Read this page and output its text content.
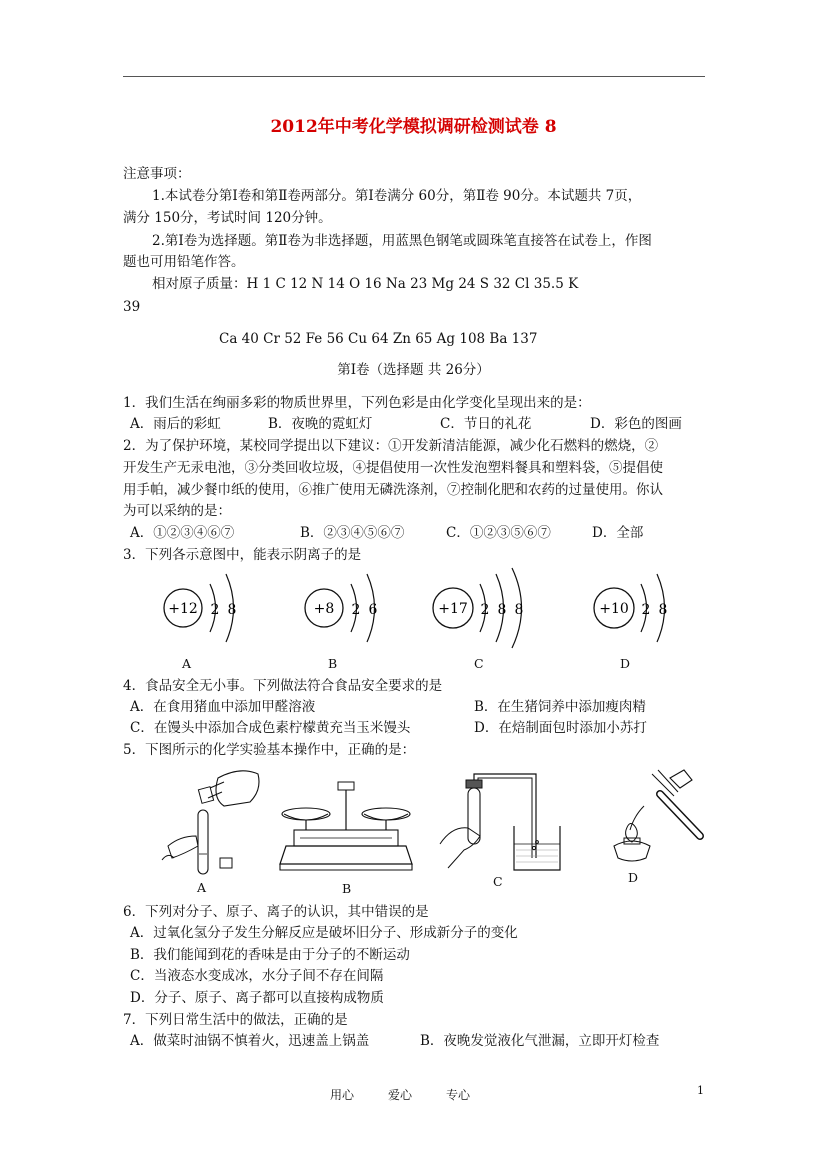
2012年中考化学模拟调研检测试卷 8
注意事项：
1.本试卷分第Ⅰ卷和第Ⅱ卷两部分。第Ⅰ卷满分 60分，第Ⅱ卷 90分。本试题共 7页，
满分 150分，考试时间 120分钟。
2.第Ⅰ卷为选择题。第Ⅱ卷为非选择题，用蓝黑色钢笔或圆珠笔直接答在试卷上，作图
题也可用铅笔作答。
相对原子质量：H 1 C 12 N 14 O 16 Na 23 Mg 24 S 32 Cl 35.5 K
39
Ca 40 Cr 52 Fe 56 Cu 64 Zn 65 Ag 108 Ba 137
第Ⅰ卷（选择题 共 26分）
1．我们生活在绚丽多彩的物质世界里，下列色彩是由化学变化呈现出来的是：
A．雨后的彩虹	B．夜晚的霓虹灯	C．节日的礼花	D．彩色的图画
2．为了保护环境，某校同学提出以下建议：①开发新清洁能源，减少化石燃料的燃烧，②
开发生产无汞电池，③分类回收垃圾，④提倡使用一次性发泡塑料餐具和塑料袋，⑤提倡使
用手帕，减少餐巾纸的使用，⑥推广使用无磷洗涤剂，⑦控制化肥和农药的过量使用。你认
为可以采纳的是：
A．①②③④⑥⑦	B．②③④⑤⑥⑦	C．①②③⑤⑥⑦	D．全部
3．下列各示意图中，能表示阴离子的是
+12 2 8
A
+8 2 6
B
+17 2 8 8
C
+10 2 8
D
4．食品安全无小事。下列做法符合食品安全要求的是
A．在食用猪血中添加甲醛溶液	B．在生猪饲养中添加瘦肉精
C．在馒头中添加合成色素柠檬黄充当玉米馒头	D．在焙制面包时添加小苏打
5．下图所示的化学实验基本操作中，正确的是：
A	B	C	D
6．下列对分子、原子、离子的认识，其中错误的是
A．过氧化氢分子发生分解反应是破坏旧分子、形成新分子的变化
B．我们能闻到花的香味是由于分子的不断运动
C．当液态水变成冰，水分子间不存在间隔
D．分子、原子、离子都可以直接构成物质
7．下列日常生活中的做法，正确的是
A．做菜时油锅不慎着火，迅速盖上锅盖	B．夜晚发觉液化气泄漏，立即开灯检查
用心	爱心	专心	1
